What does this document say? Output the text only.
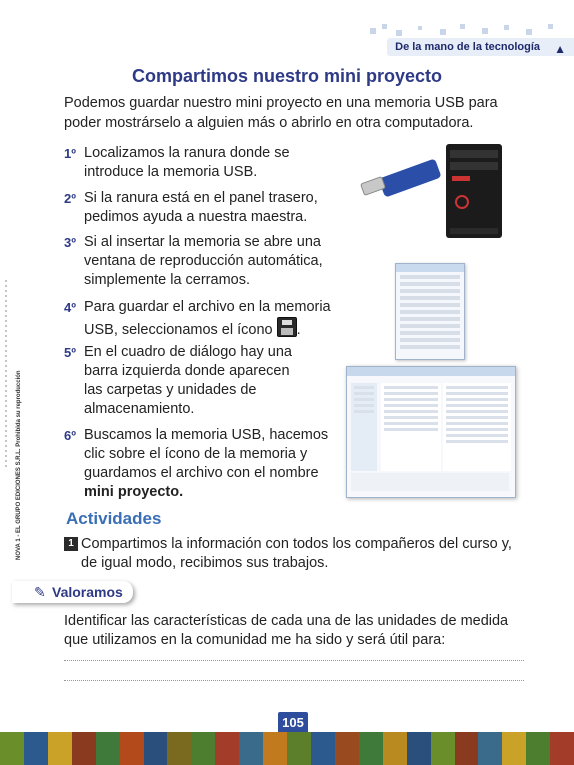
De la mano de la tecnología ▲
NOVA 1 - EL GRUPO EDICIONES S.R.L. Prohibida su reproducción
Compartimos nuestro mini proyecto

Podemos guardar nuestro mini proyecto en una memoria USB para poder mostrárselo a alguien más o abrirlo en otra computadora.

1º Localizamos la ranura donde se
introduce la memoria USB.
2º Si la ranura está en el panel trasero,
pedimos ayuda a nuestra maestra.
3º Si al insertar la memoria se abre una
ventana de reproducción automática,
simplemente la cerramos.
4º Para guardar el archivo en la memoria
USB, seleccionamos el ícono .
5º En el cuadro de diálogo hay una
barra izquierda donde aparecen
las carpetas y unidades de
almacenamiento.
6º Buscamos la memoria USB, hacemos
clic sobre el ícono de la memoria y
guardamos el archivo con el nombre
mini proyecto.
Actividades
1 Compartimos la información con todos los compañeros del curso y,
de igual modo, recibimos sus trabajos.
✎ Valoramos
Identificar las características de cada una de las unidades de medida
que utilizamos en la comunidad me ha sido y será útil para:
105
